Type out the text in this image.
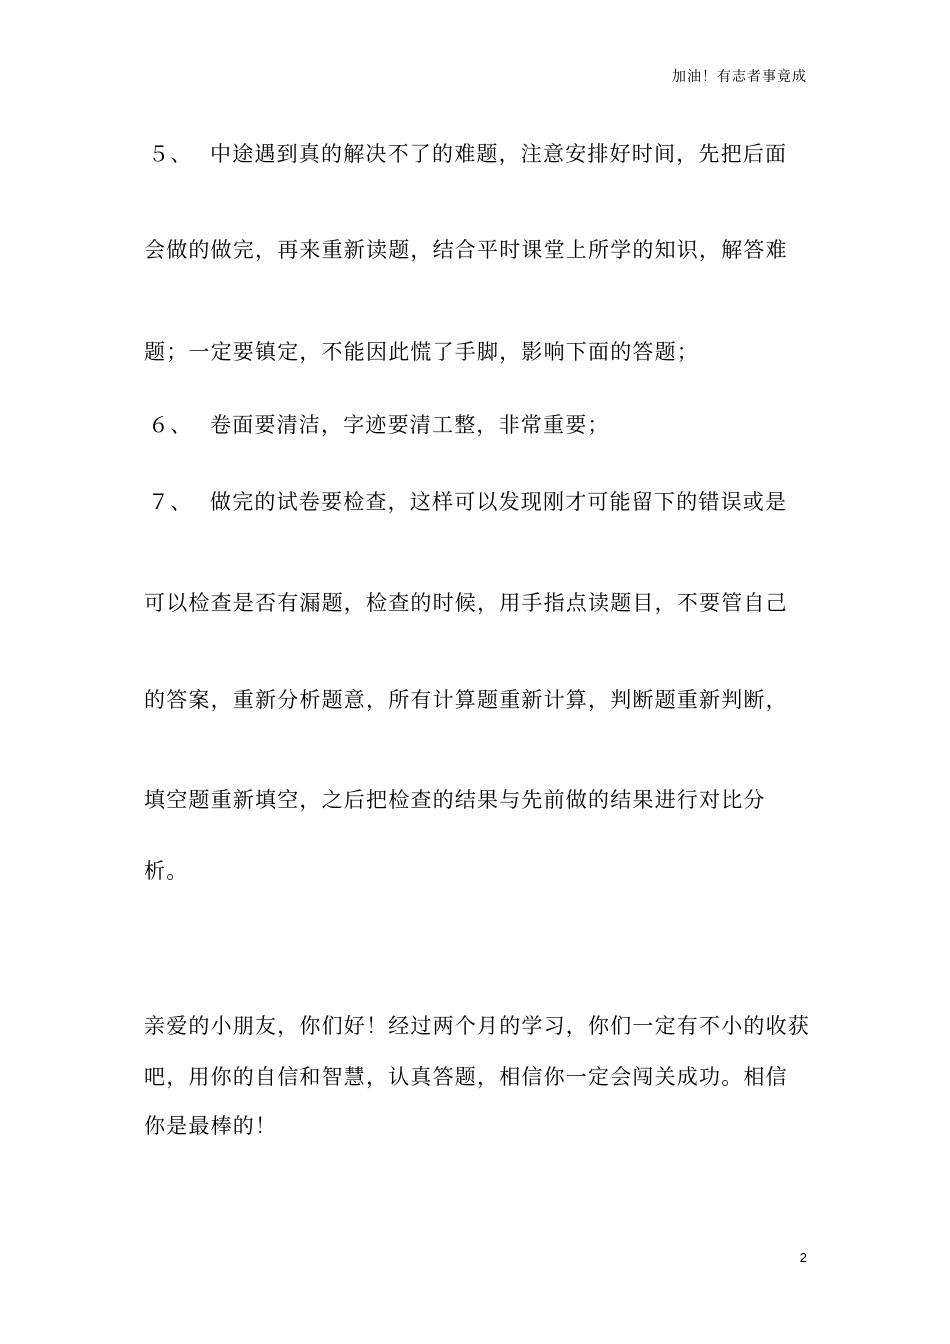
加油！有志者事竟成
５、 中途遇到真的解决不了的难题，注意安排好时间，先把后面
会做的做完，再来重新读题，结合平时课堂上所学的知识，解答难
题；一定要镇定，不能因此慌了手脚，影响下面的答题；
６、 卷面要清洁，字迹要清工整，非常重要；
７、 做完的试卷要检查，这样可以发现刚才可能留下的错误或是
可以检查是否有漏题，检查的时候，用手指点读题目，不要管自己
的答案，重新分析题意，所有计算题重新计算，判断题重新判断，
填空题重新填空，之后把检查的结果与先前做的结果进行对比分
析。
亲爱的小朋友，你们好！经过两个月的学习，你们一定有不小的收获
吧，用你的自信和智慧，认真答题，相信你一定会闯关成功。相信
你是最棒的！
2
